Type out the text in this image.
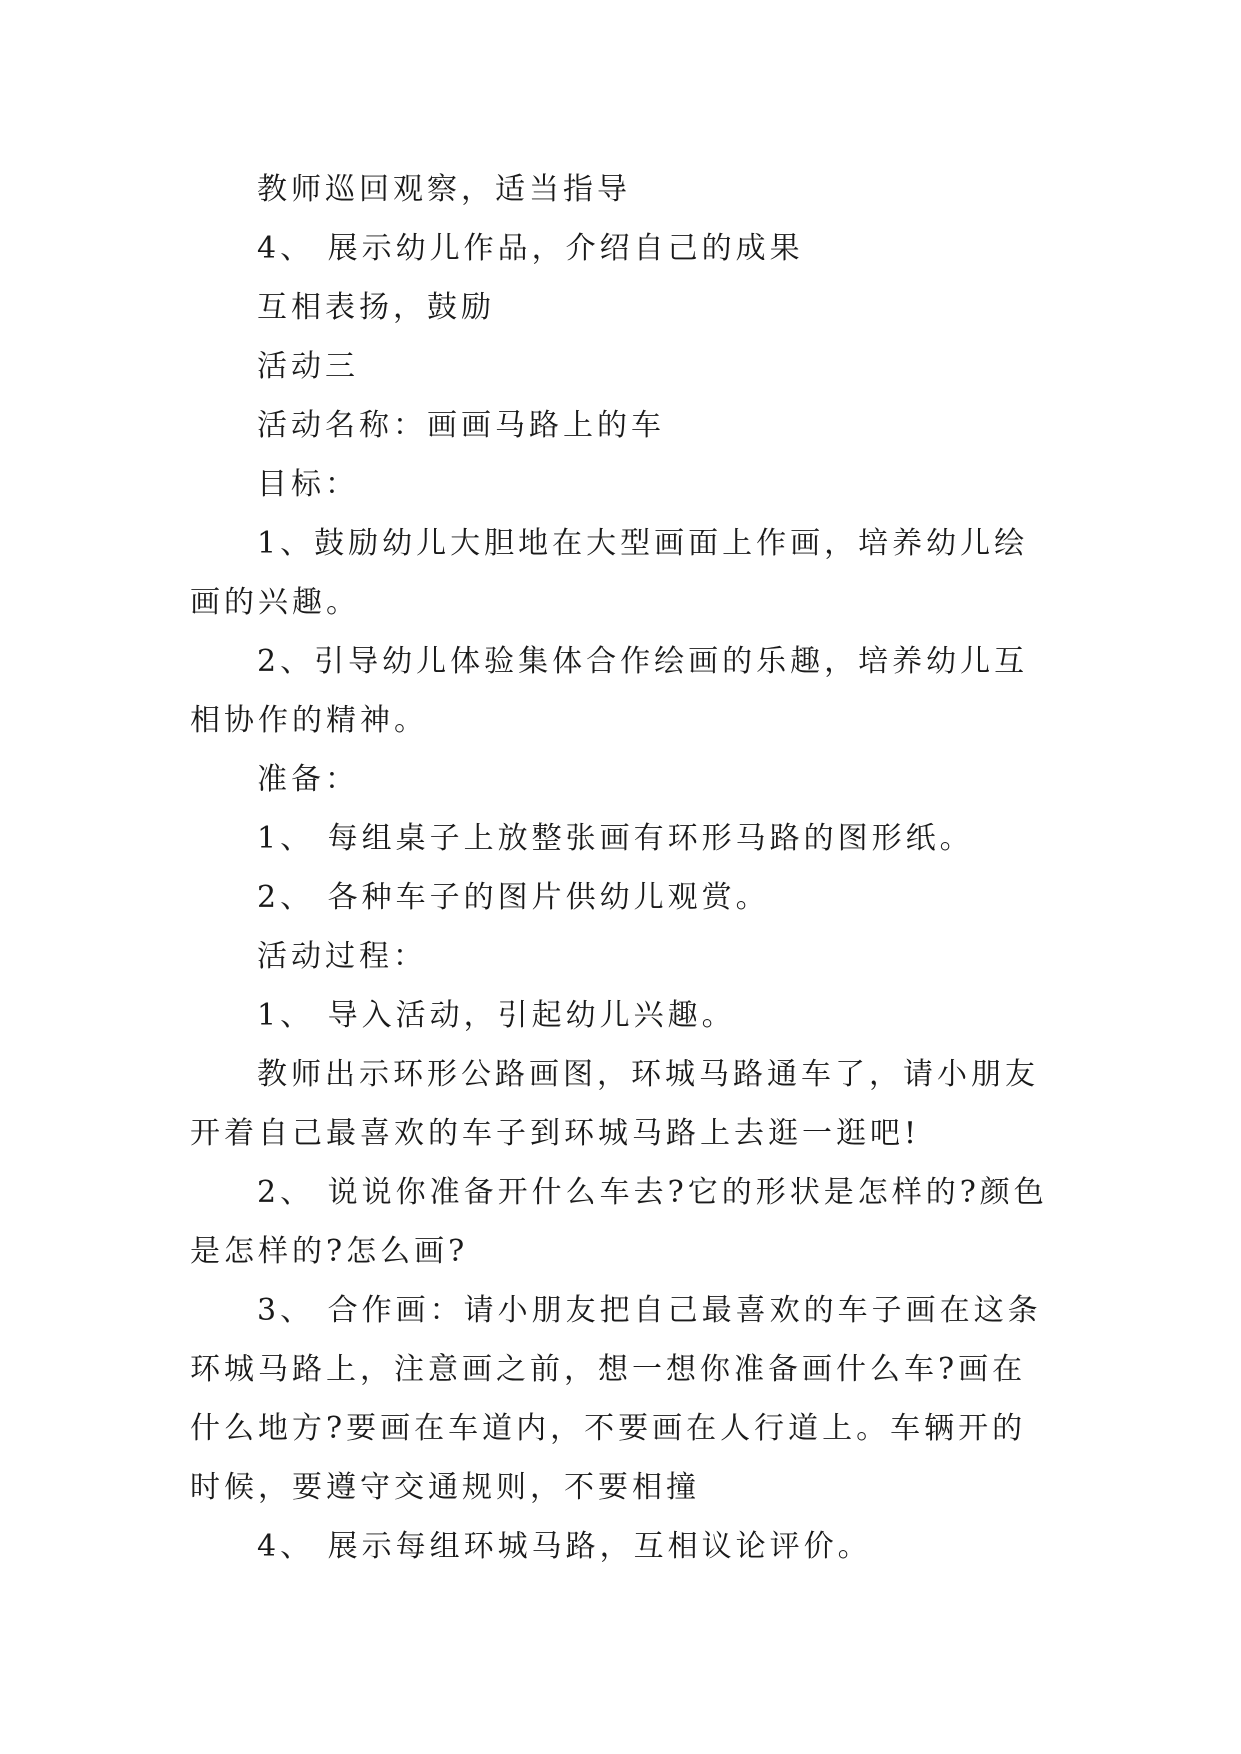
教师巡回观察，适当指导

4、 展示幼儿作品，介绍自己的成果

互相表扬，鼓励

活动三

活动名称：画画马路上的车

目标：

1、鼓励幼儿大胆地在大型画面上作画，培养幼儿绘画的兴趣。

2、引导幼儿体验集体合作绘画的乐趣，培养幼儿互相协作的精神。

准备：

1、 每组桌子上放整张画有环形马路的图形纸。

2、 各种车子的图片供幼儿观赏。

活动过程：

1、 导入活动，引起幼儿兴趣。

教师出示环形公路画图，环城马路通车了，请小朋友开着自己最喜欢的车子到环城马路上去逛一逛吧!

2、 说说你准备开什么车去?它的形状是怎样的?颜色是怎样的?怎么画?

3、 合作画：请小朋友把自己最喜欢的车子画在这条环城马路上，注意画之前，想一想你准备画什么车?画在什么地方?要画在车道内，不要画在人行道上。车辆开的时候，要遵守交通规则，不要相撞

4、 展示每组环城马路，互相议论评价。
